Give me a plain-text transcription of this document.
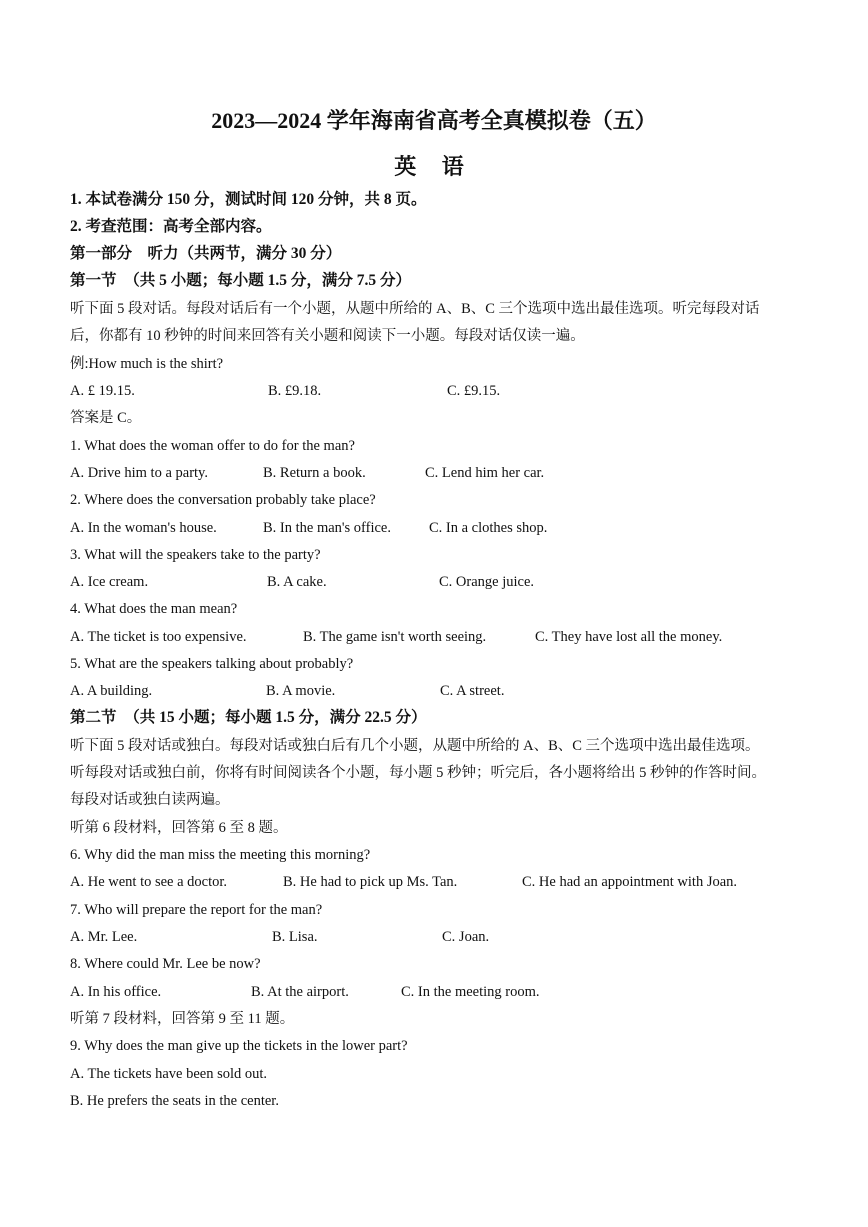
2023—2024 学年海南省高考全真模拟卷（五）
英 语
1. 本试卷满分 150 分，测试时间 120 分钟，共 8 页。
2. 考查范围：高考全部内容。
第一部分　听力（共两节，满分 30 分）
第一节　（共 5 小题；每小题 1.5 分，满分 7.5 分）
听下面 5 段对话。每段对话后有一个小题，从题中所给的 A、B、C 三个选项中选出最佳选项。听完每段对话
后，你都有 10 秒钟的时间来回答有关小题和阅读下一小题。每段对话仅读一遍。
例:How much is the shirt?
A. £ 19.15.	B. £9.18.	C. £9.15.
答案是 C。
1. What does the woman offer to do for the man?
A. Drive him to a party.	B. Return a book.	C. Lend him her car.
2. Where does the conversation probably take place?
A. In the woman's house.	B. In the man's office.	C. In a clothes shop.
3. What will the speakers take to the party?
A. Ice cream.	B. A cake.	C. Orange juice.
4. What does the man mean?
A. The ticket is too expensive.	B. The game isn't worth seeing.	C. They have lost all the money.
5. What are the speakers talking about probably?
A. A building.	B. A movie.	C. A street.
第二节　（共 15 小题；每小题 1.5 分，满分 22.5 分）
听下面 5 段对话或独白。每段对话或独白后有几个小题，从题中所给的 A、B、C 三个选项中选出最佳选项。
听每段对话或独白前，你将有时间阅读各个小题，每小题 5 秒钟；听完后，各小题将给出 5 秒钟的作答时间。
每段对话或独白读两遍。
听第 6 段材料，回答第 6 至 8 题。
6. Why did the man miss the meeting this morning?
A. He went to see a doctor.	B. He had to pick up Ms. Tan.	C. He had an appointment with Joan.
7. Who will prepare the report for the man?
A. Mr. Lee.	B. Lisa.	C. Joan.
8. Where could Mr. Lee be now?
A. In his office.	B. At the airport.	C. In the meeting room.
听第 7 段材料，回答第 9 至 11 题。
9. Why does the man give up the tickets in the lower part?
A. The tickets have been sold out.
B. He prefers the seats in the center.
